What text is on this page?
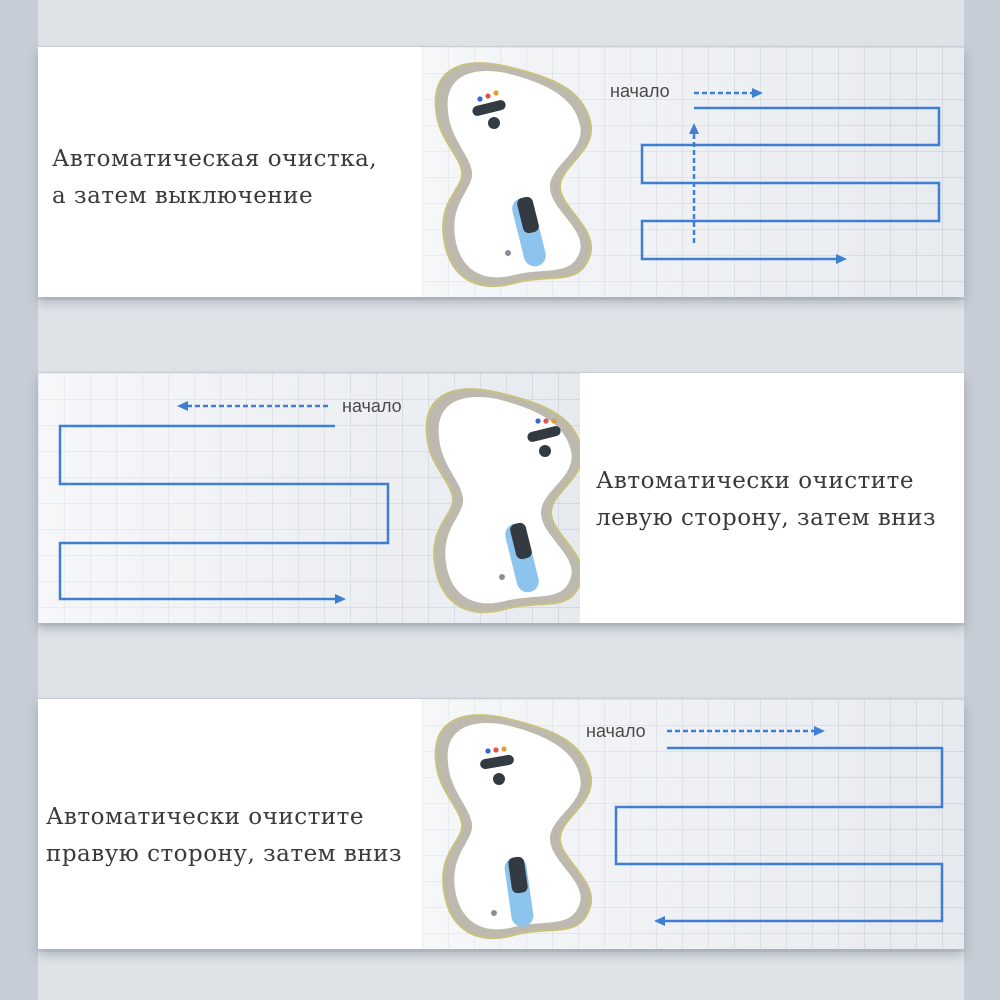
Автоматическая очистка,
а затем выключение
начало
начало
Автоматически очистите
левую сторону, затем вниз
Автоматически очистите
правую сторону, затем вниз
начало
